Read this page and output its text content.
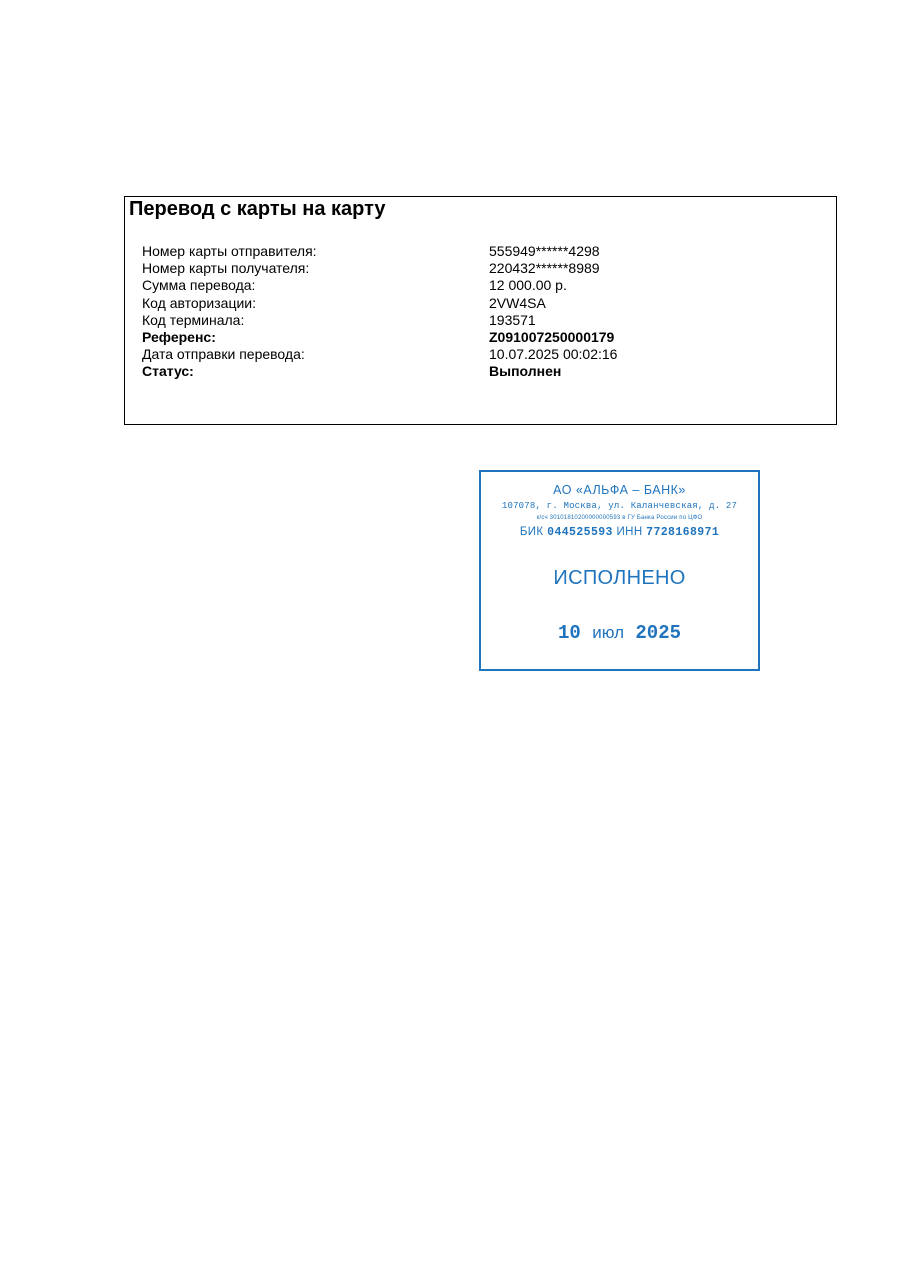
Перевод с карты на карту
Номер карты отправителя:	555949******4298
Номер карты получателя:	220432******8989
Сумма перевода:	12 000.00 р.
Код авторизации:	2VW4SA
Код терминала:	193571
Референс:	Z091007250000179
Дата отправки перевода:	10.07.2025 00:02:16
Статус:	Выполнен
АО «АЛЬФА – БАНК»
107078, г. Москва, ул. Каланчевская, д. 27
к/сч 30101810200000000593 в ГУ Банка России по ЦФО
БИК 044525593 ИНН 7728168971
ИСПОЛНЕНО
10 июл 2025
